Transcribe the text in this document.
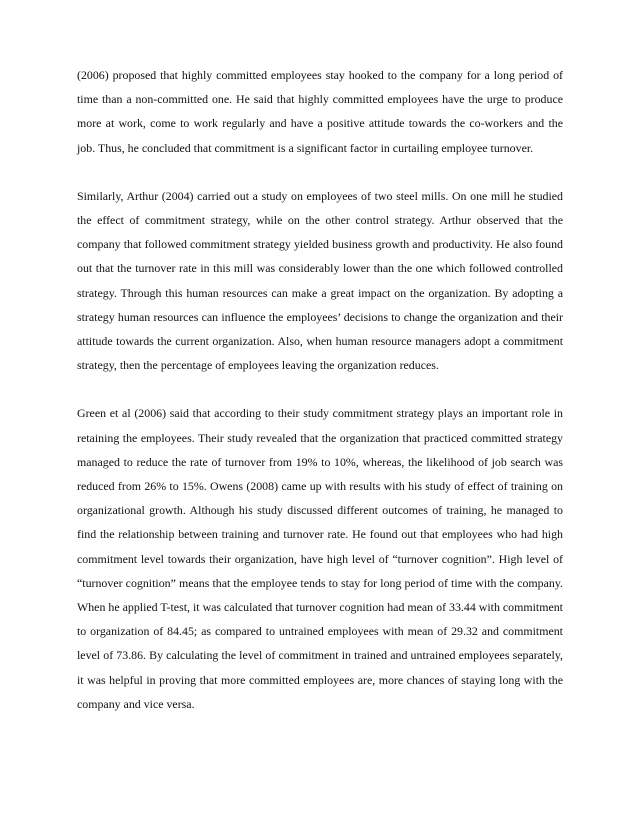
(2006) proposed that highly committed employees stay hooked to the company for a long period of time than a non-committed one. He said that highly committed employees have the urge to produce more at work, come to work regularly and have a positive attitude towards the co-workers and the job. Thus, he concluded that commitment is a significant factor in curtailing employee turnover.

Similarly, Arthur (2004) carried out a study on employees of two steel mills. On one mill he studied the effect of commitment strategy, while on the other control strategy. Arthur observed that the company that followed commitment strategy yielded business growth and productivity. He also found out that the turnover rate in this mill was considerably lower than the one which followed controlled strategy. Through this human resources can make a great impact on the organization. By adopting a strategy human resources can influence the employees’ decisions to change the organization and their attitude towards the current organization. Also, when human resource managers adopt a commitment strategy, then the percentage of employees leaving the organization reduces.

Green et al (2006) said that according to their study commitment strategy plays an important role in retaining the employees. Their study revealed that the organization that practiced committed strategy managed to reduce the rate of turnover from 19% to 10%, whereas, the likelihood of job search was reduced from 26% to 15%. Owens (2008) came up with results with his study of effect of training on organizational growth. Although his study discussed different outcomes of training, he managed to find the relationship between training and turnover rate. He found out that employees who had high commitment level towards their organization, have high level of “turnover cognition”. High level of “turnover cognition” means that the employee tends to stay for long period of time with the company. When he applied T-test, it was calculated that turnover cognition had mean of 33.44 with commitment to organization of 84.45; as compared to untrained employees with mean of 29.32 and commitment level of 73.86. By calculating the level of commitment in trained and untrained employees separately, it was helpful in proving that more committed employees are, more chances of staying long with the company and vice versa.
